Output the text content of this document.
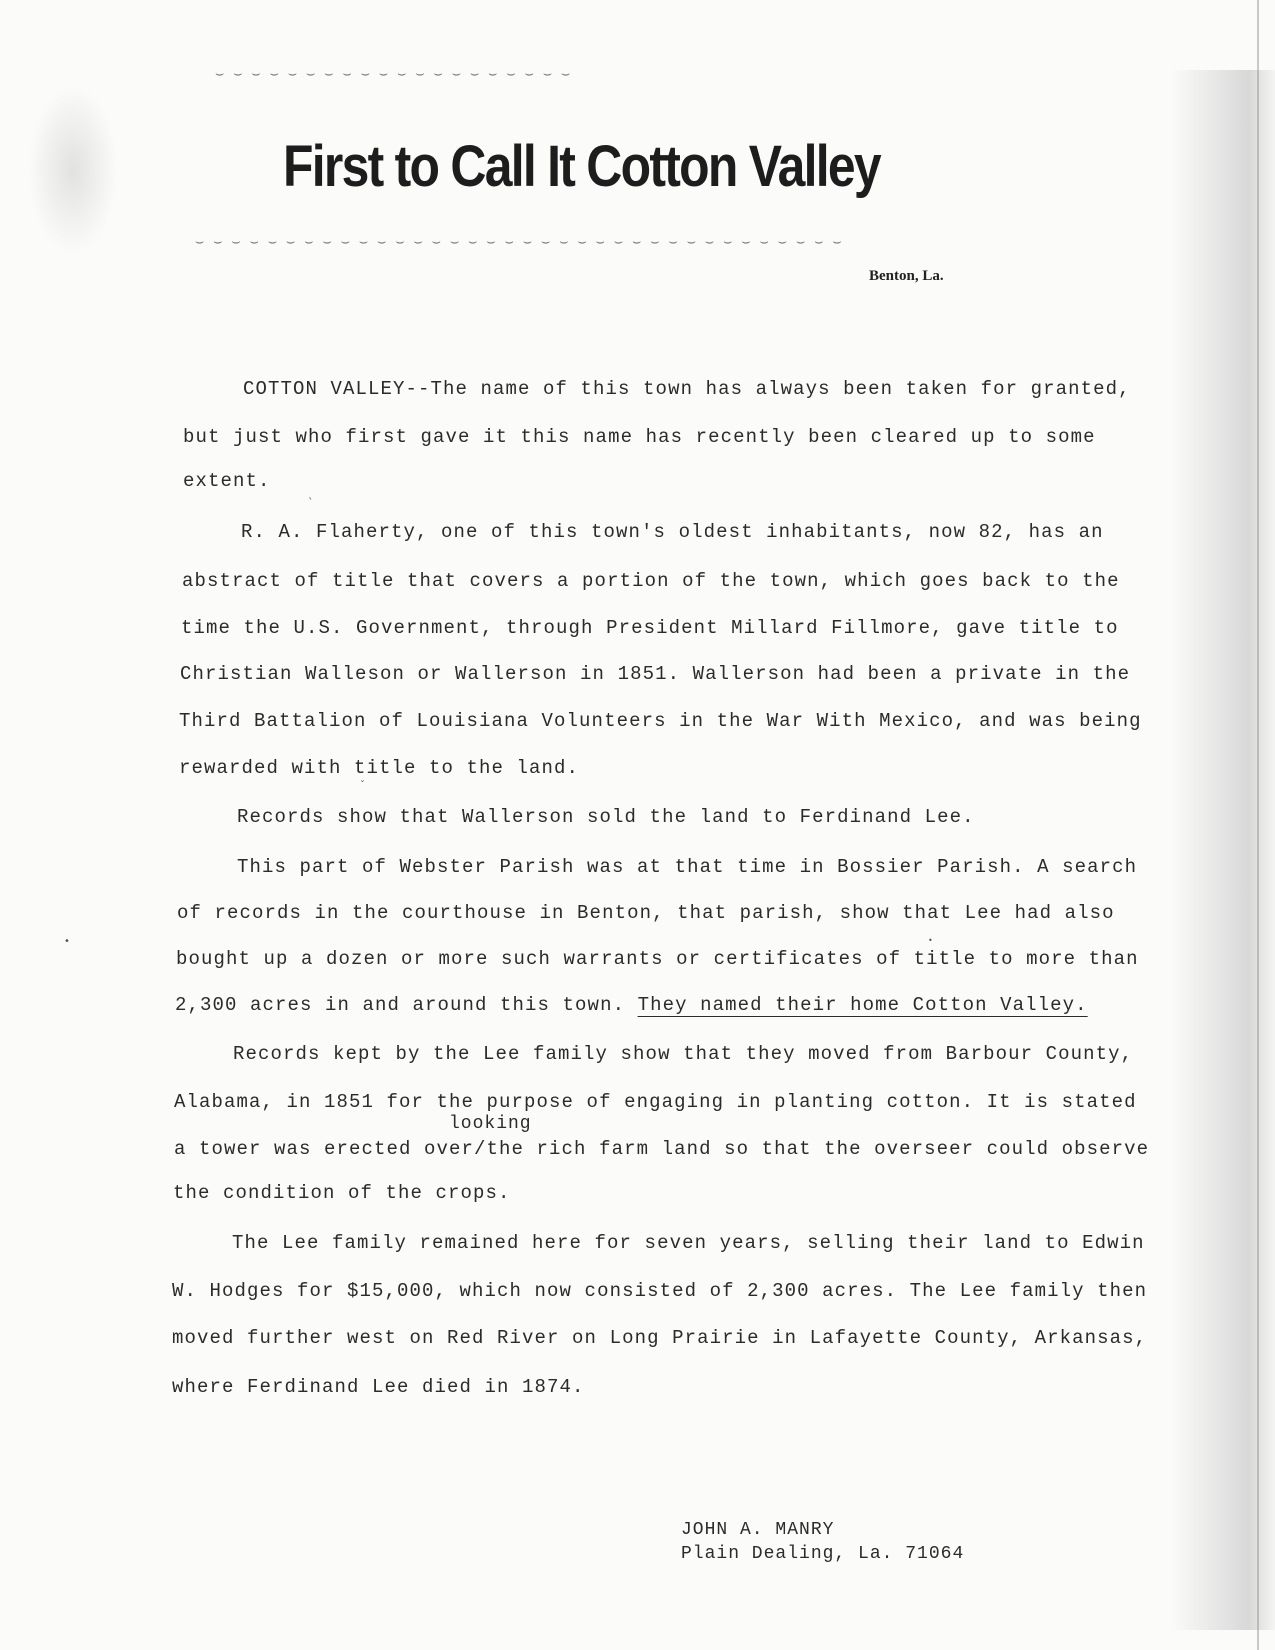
⌣⌣⌣⌣⌣⌣⌣⌣⌣⌣⌣⌣⌣⌣⌣⌣⌣⌣⌣⌣
First to Call It Cotton Valley
⌣⌣⌣⌣⌣⌣⌣⌣⌣⌣⌣⌣⌣⌣⌣⌣⌣⌣⌣⌣⌣⌣⌣⌣⌣⌣⌣⌣⌣⌣⌣⌣⌣⌣⌣⌣
Benton, La.
COTTON VALLEY--The name of this town has always been taken for granted,
but just who first gave it this name has recently been cleared up to some
extent.
R. A. Flaherty, one of this town's oldest inhabitants, now 82, has an
abstract of title that covers a portion of the town, which goes back to the
time the U.S. Government, through President Millard Fillmore, gave title to
Christian Walleson or Wallerson in 1851. Wallerson had been a private in the
Third Battalion of Louisiana Volunteers in the War With Mexico, and was being
rewarded with title to the land.
Records show that Wallerson sold the land to Ferdinand Lee.
This part of Webster Parish was at that time in Bossier Parish. A search
of records in the courthouse in Benton, that parish, show that Lee had also
bought up a dozen or more such warrants or certificates of title to more than
2,300 acres in and around this town. They named their home Cotton Valley.
Records kept by the Lee family show that they moved from Barbour County,
Alabama, in 1851 for the purpose of engaging in planting cotton. It is stated
looking
a tower was erected over/the rich farm land so that the overseer could observe
the condition of the crops.
The Lee family remained here for seven years, selling their land to Edwin
W. Hodges for $15,000, which now consisted of 2,300 acres. The Lee family then
moved further west on Red River on Long Prairie in Lafayette County, Arkansas,
where Ferdinand Lee died in 1874.
JOHN A. MANRY
Plain Dealing, La. 71064
•	•
ˇ
ˋ
